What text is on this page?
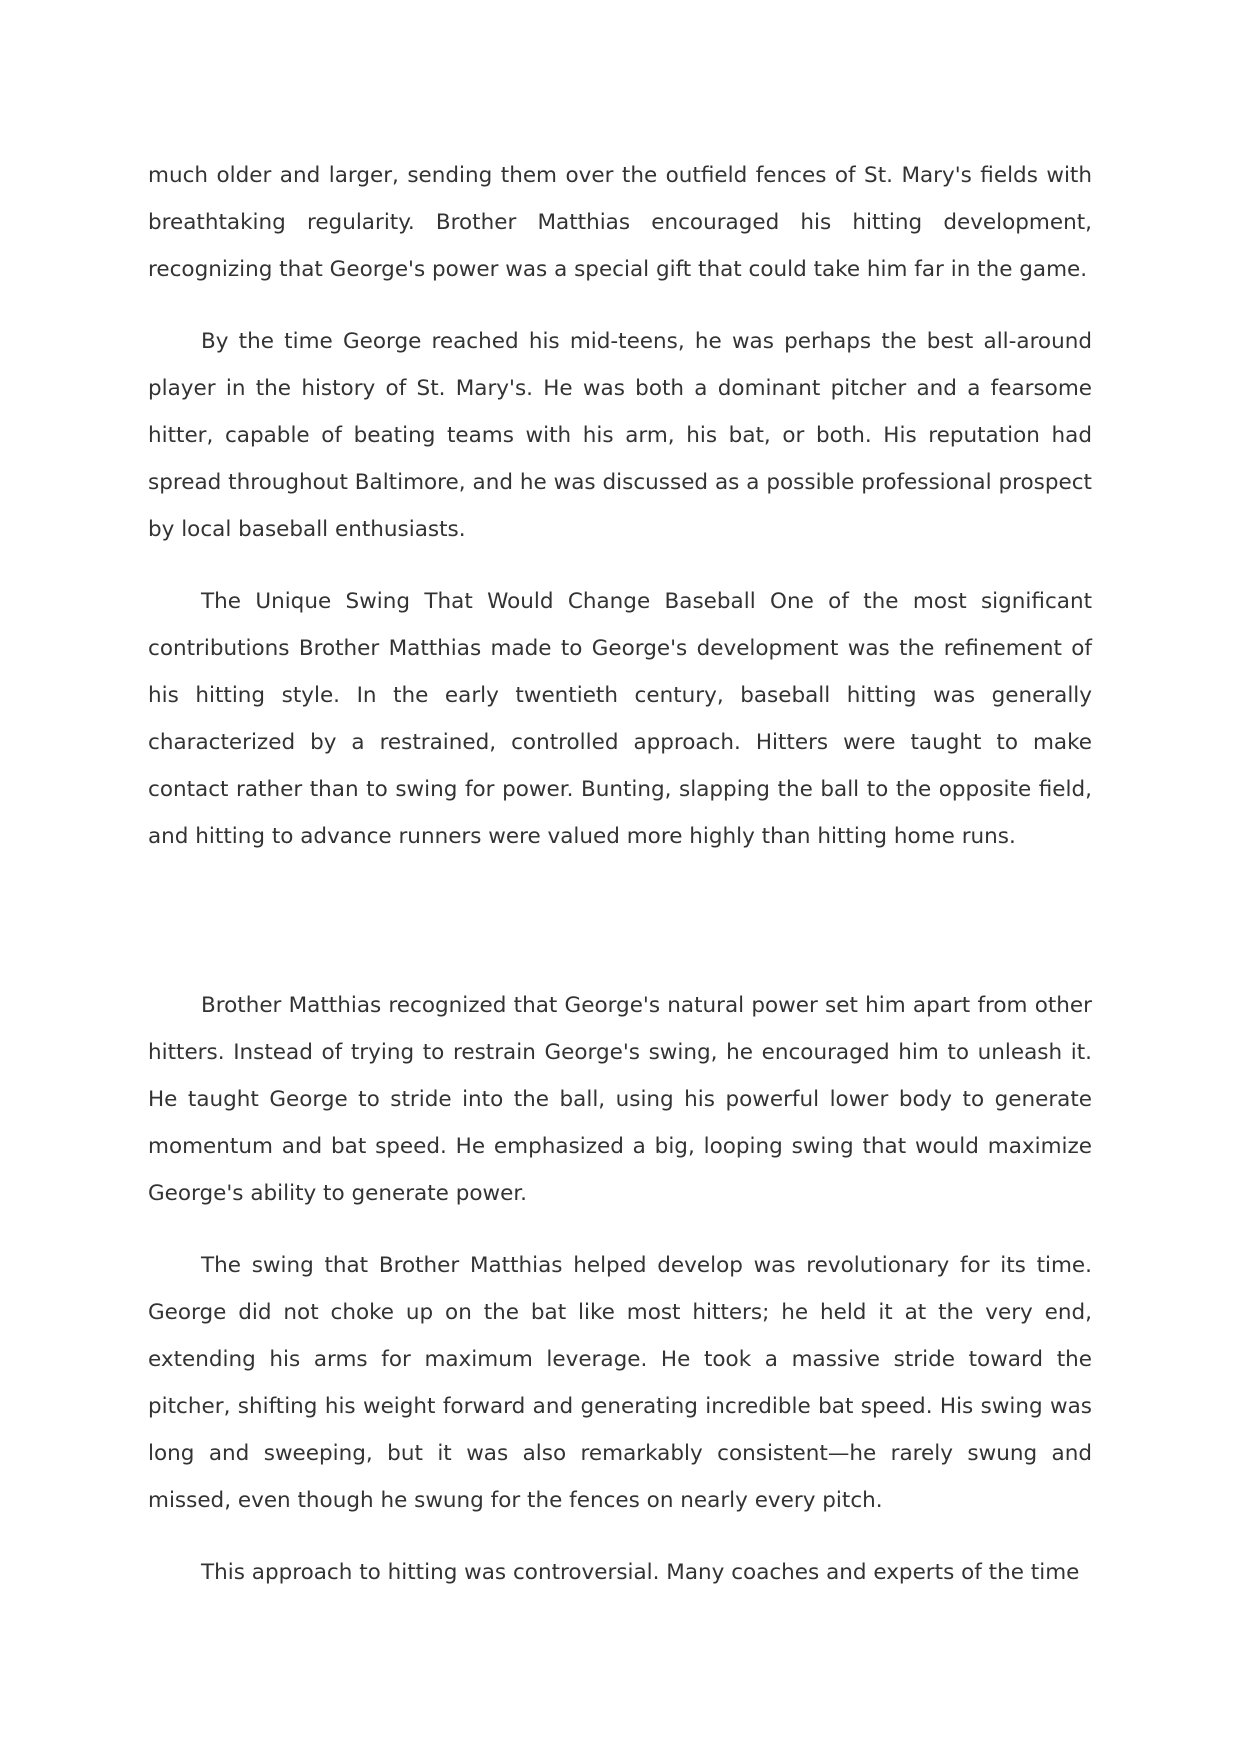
much older and larger, sending them over the outfield fences of St. Mary's fields with breathtaking regularity. Brother Matthias encouraged his hitting development, recognizing that George's power was a special gift that could take him far in the game.

By the time George reached his mid-teens, he was perhaps the best all-around player in the history of St. Mary's. He was both a dominant pitcher and a fearsome hitter, capable of beating teams with his arm, his bat, or both. His reputation had spread throughout Baltimore, and he was discussed as a possible professional prospect by local baseball enthusiasts.

The Unique Swing That Would Change Baseball One of the most significant contributions Brother Matthias made to George's development was the refinement of his hitting style. In the early twentieth century, baseball hitting was generally characterized by a restrained, controlled approach. Hitters were taught to make contact rather than to swing for power. Bunting, slapping the ball to the opposite field, and hitting to advance runners were valued more highly than hitting home runs.

Brother Matthias recognized that George's natural power set him apart from other hitters. Instead of trying to restrain George's swing, he encouraged him to unleash it. He taught George to stride into the ball, using his powerful lower body to generate momentum and bat speed. He emphasized a big, looping swing that would maximize George's ability to generate power.

The swing that Brother Matthias helped develop was revolutionary for its time. George did not choke up on the bat like most hitters; he held it at the very end, extending his arms for maximum leverage. He took a massive stride toward the pitcher, shifting his weight forward and generating incredible bat speed. His swing was long and sweeping, but it was also remarkably consistent—he rarely swung and missed, even though he swung for the fences on nearly every pitch.

This approach to hitting was controversial. Many coaches and experts of the time
